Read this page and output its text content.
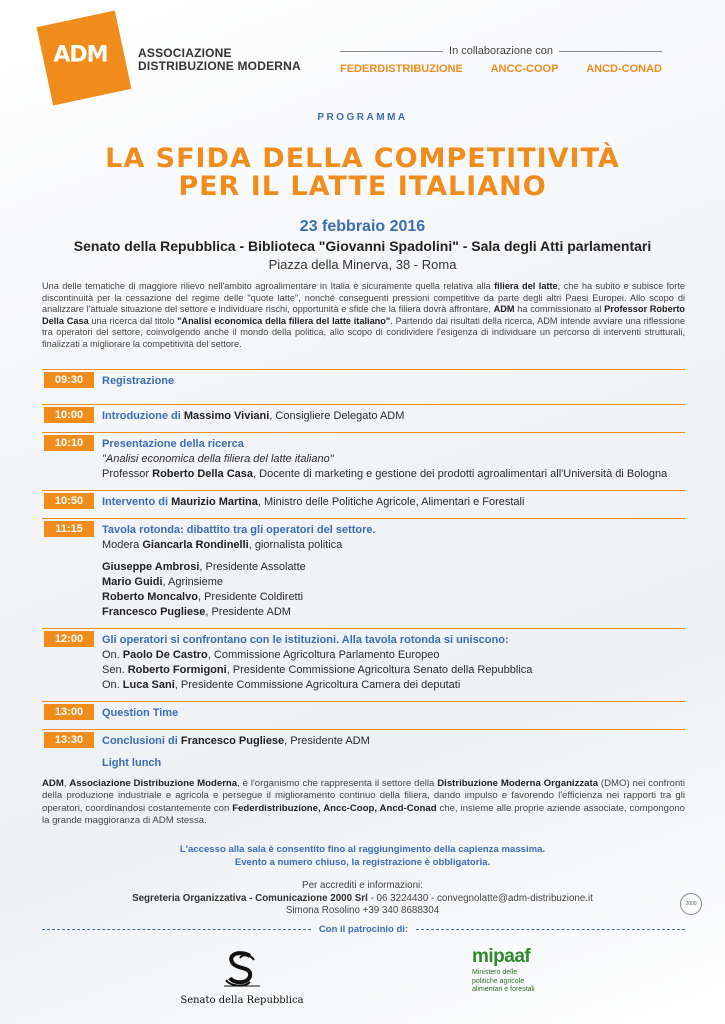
ADM	ASSOCIAZIONE
DISTRIBUZIONE MODERNA
In collaborazione con
FEDERDISTRIBUZIONE	ANCC-COOP	ANCD-CONAD
PROGRAMMA
LA SFIDA DELLA COMPETITIVITÀ
PER IL LATTE ITALIANO
23 febbraio 2016
Senato della Repubblica - Biblioteca "Giovanni Spadolini" - Sala degli Atti parlamentari
Piazza della Minerva, 38 - Roma
Una delle tematiche di maggiore rilievo nell'ambito agroalimentare in Italia è sicuramente quella relativa alla filiera del latte, che ha subito e subisce forte discontinuità per la cessazione del regime delle "quote latte", nonché conseguenti pressioni competitive da parte degli altri Paesi Europei. Allo scopo di analizzare l'attuale situazione del settore e individuare rischi, opportunità e sfide che la filiera dovrà affrontare, ADM ha commissionato al Professor Roberto Della Casa una ricerca dal titolo "Analisi economica della filiera del latte italiano". Partendo dai risultati della ricerca, ADM intende avviare una riflessione tra operatori del settore, coinvolgendo anche il mondo della politica, allo scopo di condividere l'esigenza di individuare un percorso di interventi strutturali, finalizzati a migliorare la competitività del settore.
09:30	Registrazione
10:00	Introduzione di Massimo Viviani, Consigliere Delegato ADM
10:10	Presentazione della ricerca
"Analisi economica della filiera del latte italiano"
Professor Roberto Della Casa, Docente di marketing e gestione dei prodotti agroalimentari all'Università di Bologna
10:50	Intervento di Maurizio Martina, Ministro delle Politiche Agricole, Alimentari e Forestali
11:15	Tavola rotonda: dibattito tra gli operatori del settore.
Modera Giancarla Rondinelli, giornalista politica
Giuseppe Ambrosi, Presidente Assolatte
Mario Guidi, Agrinsieme
Roberto Moncalvo, Presidente Coldiretti
Francesco Pugliese, Presidente ADM
12:00	Gli operatori si confrontano con le istituzioni. Alla tavola rotonda si uniscono:
On. Paolo De Castro, Commissione Agricoltura Parlamento Europeo
Sen. Roberto Formigoni, Presidente Commissione Agricoltura Senato della Repubblica
On. Luca Sani, Presidente Commissione Agricoltura Camera dei deputati
13:00	Question Time
13:30	Conclusioni di Francesco Pugliese, Presidente ADM
Light lunch
ADM, Associazione Distribuzione Moderna, è l'organismo che rappresenta il settore della Distribuzione Moderna Organizzata (DMO) nei confronti della produzione industriale e agricola e persegue il miglioramento continuo della filiera, dando impulso e favorendo l'efficienza nei rapporti tra gli operatori, coordinandosi costantemente con Federdistribuzione, Ancc-Coop, Ancd-Conad che, insieme alle proprie aziende associate, compongono la grande maggioranza di ADM stessa.
L'accesso alla sala è consentito fino al raggiungimento della capienza massima.
Evento a numero chiuso, la registrazione è obbligatoria.
Per accrediti e informazioni:
Segreteria Organizzativa - Comunicazione 2000 Srl - 06 3224430 - convegnolatte@adm-distribuzione.it
Simona Rosolino +39 340 8688304
2000
Con il patrocinio di:
Senato della Repubblica
mipaaf
Ministero delle
politiche agricole
alimentari e forestali
